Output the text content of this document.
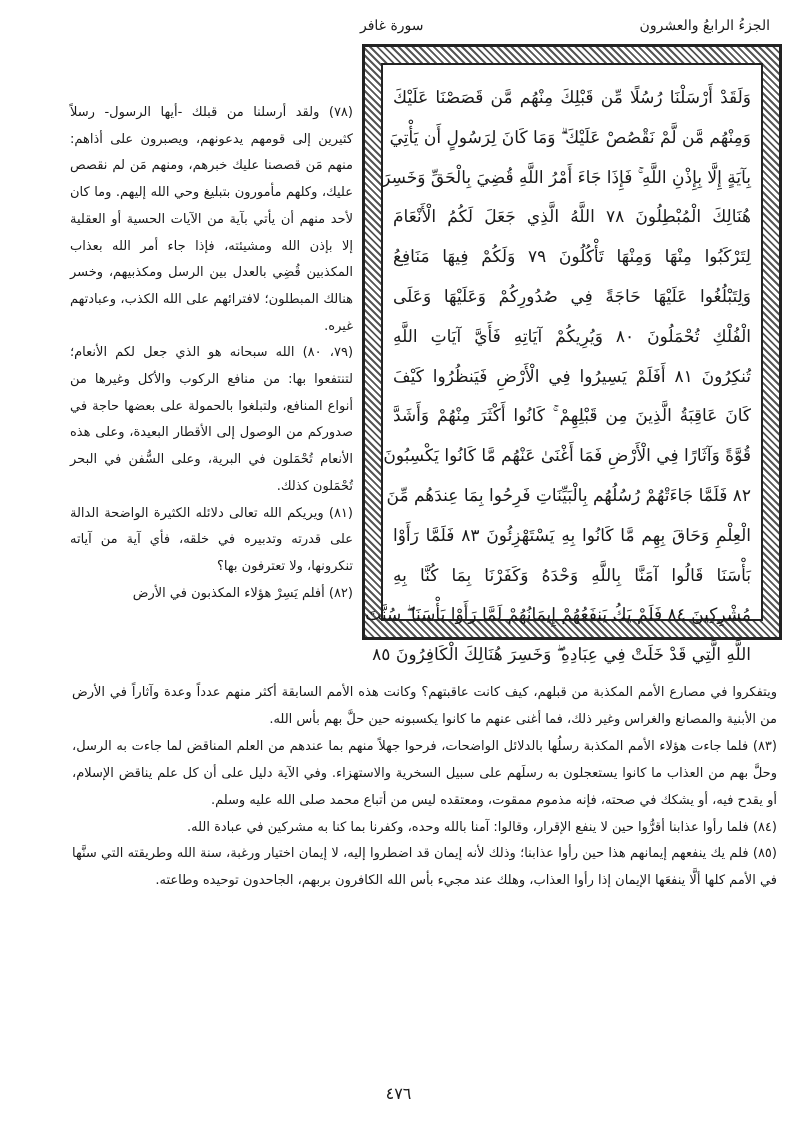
الجزءُ الرابعُ والعشرون
سورة غافر
وَلَقَدْ أَرْسَلْنَا رُسُلًا مِّن قَبْلِكَ مِنْهُم مَّن قَصَصْنَا عَلَيْكَ
وَمِنْهُم مَّن لَّمْ نَقْصُصْ عَلَيْكَ ۗ وَمَا كَانَ لِرَسُولٍ أَن يَأْتِيَ
بِآيَةٍ إِلَّا بِإِذْنِ اللَّهِ ۚ فَإِذَا جَاءَ أَمْرُ اللَّهِ قُضِيَ بِالْحَقِّ وَخَسِرَ
هُنَالِكَ الْمُبْطِلُونَ ٧٨ اللَّهُ الَّذِي جَعَلَ لَكُمُ الْأَنْعَامَ
لِتَرْكَبُوا مِنْهَا وَمِنْهَا تَأْكُلُونَ ٧٩ وَلَكُمْ فِيهَا مَنَافِعُ
وَلِتَبْلُغُوا عَلَيْهَا حَاجَةً فِي صُدُورِكُمْ وَعَلَيْهَا وَعَلَى
الْفُلْكِ تُحْمَلُونَ ٨٠ وَيُرِيكُمْ آيَاتِهِ فَأَيَّ آيَاتِ اللَّهِ
تُنكِرُونَ ٨١ أَفَلَمْ يَسِيرُوا فِي الْأَرْضِ فَيَنظُرُوا كَيْفَ
كَانَ عَاقِبَةُ الَّذِينَ مِن قَبْلِهِمْ ۚ كَانُوا أَكْثَرَ مِنْهُمْ وَأَشَدَّ
قُوَّةً وَآثَارًا فِي الْأَرْضِ فَمَا أَغْنَىٰ عَنْهُم مَّا كَانُوا يَكْسِبُونَ
٨٢ فَلَمَّا جَاءَتْهُمْ رُسُلُهُم بِالْبَيِّنَاتِ فَرِحُوا بِمَا عِندَهُم مِّنَ
الْعِلْمِ وَحَاقَ بِهِم مَّا كَانُوا بِهِ يَسْتَهْزِئُونَ ٨٣ فَلَمَّا رَأَوْا
بَأْسَنَا قَالُوا آمَنَّا بِاللَّهِ وَحْدَهُ وَكَفَرْنَا بِمَا كُنَّا بِهِ
مُشْرِكِينَ ٨٤ فَلَمْ يَكُ يَنفَعُهُمْ إِيمَانُهُمْ لَمَّا رَأَوْا بَأْسَنَا ۖ سُنَّتَ
اللَّهِ الَّتِي قَدْ خَلَتْ فِي عِبَادِهِ ۖ وَخَسِرَ هُنَالِكَ الْكَافِرُونَ ٨٥

(٧٨) ولقد أرسلنا من قبلك -أيها الرسول- رسلاً كثيرين إلى قومهم يدعونهم، ويصبرون على أذاهم: منهم مَن قصصنا عليك خبرهم، ومنهم مَن لم نقصص عليك، وكلهم مأمورون بتبليغ وحي الله إليهم. وما كان لأحد منهم أن يأتي بآية من الآيات الحسية أو العقلية إلا بإذن الله ومشيئته، فإذا جاء أمر الله بعذاب المكذبين قُضِي بالعدل بين الرسل ومكذبيهم، وخسر هنالك المبطلون؛ لافترائهم على الله الكذب، وعبادتهم غيره.

(٧٩، ٨٠) الله سبحانه هو الذي جعل لكم الأنعام؛ لتنتفعوا بها: من منافع الركوب والأكل وغيرها من أنواع المنافع، ولتبلغوا بالحمولة على بعضها حاجة في صدوركم من الوصول إلى الأقطار البعيدة، وعلى هذه الأنعام تُحْمَلون في البرية، وعلى السُّفن في البحر تُحْمَلون كذلك.

(٨١) ويريكم الله تعالى دلائله الكثيرة الواضحة الدالة على قدرته وتدبيره في خلقه، فأي آية من آياته تنكرونها، ولا تعترفون بها؟

(٨٢) أفلم يَسِرْ هؤلاء المكذبون في الأرض

ويتفكروا في مصارع الأمم المكذبة من قبلهم، كيف كانت عاقبتهم؟ وكانت هذه الأمم السابقة أكثر منهم عدداً وعدة وآثاراً في الأرض من الأبنية والمصانع والغراس وغير ذلك، فما أغنى عنهم ما كانوا يكسبونه حين حلَّ بهم بأس الله.

(٨٣) فلما جاءت هؤلاء الأمم المكذبة رسلُها بالدلائل الواضحات، فرحوا جهلاً منهم بما عندهم من العلم المناقض لما جاءت به الرسل، وحلَّ بهم من العذاب ما كانوا يستعجلون به رسلَهم على سبيل السخرية والاستهزاء. وفي الآية دليل على أن كل علم يناقض الإسلام، أو يقدح فيه، أو يشكك في صحته، فإنه مذموم ممقوت، ومعتقده ليس من أتباع محمد صلى الله عليه وسلم.

(٨٤) فلما رأوا عذابنا أقرُّوا حين لا ينفع الإقرار، وقالوا: آمنا بالله وحده، وكفرنا بما كنا به مشركين في عبادة الله.

(٨٥) فلم يك ينفعهم إيمانهم هذا حين رأوا عذابنا؛ وذلك لأنه إيمان قد اضطروا إليه، لا إيمان اختيار ورغبة، سنة الله وطريقته التي سنَّها في الأمم كلها ألَّا ينفعَها الإيمان إذا رأوا العذاب، وهلك عند مجيء بأس الله الكافرون بربهم، الجاحدون توحيده وطاعته.

٤٧٦
